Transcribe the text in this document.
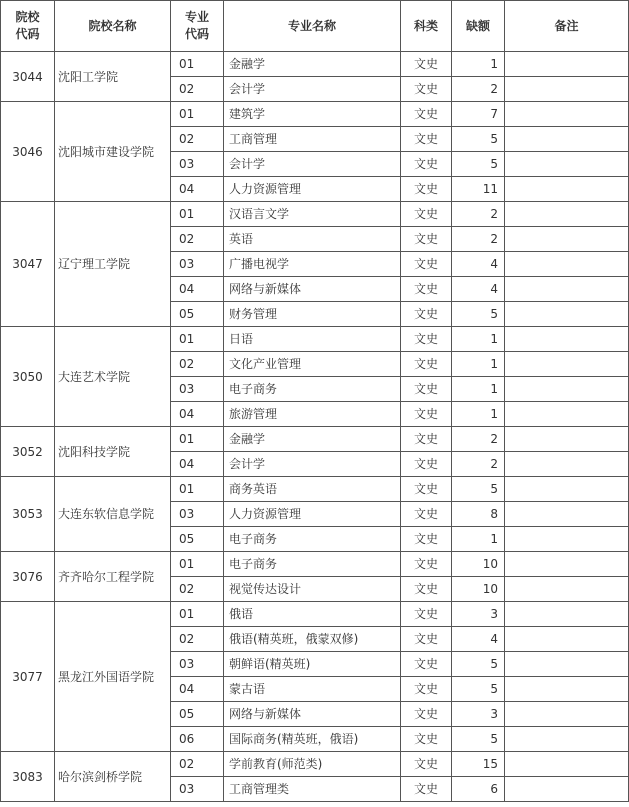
院校
代码	院校名称	专业
代码	专业名称	科类	缺额	备注
3044	沈阳工学院	01	金融学	文史	1	
		02	会计学	文史	2	
3046	沈阳城市建设学院	01	建筑学	文史	7	
		02	工商管理	文史	5	
		03	会计学	文史	5	
		04	人力资源管理	文史	11	
3047	辽宁理工学院	01	汉语言文学	文史	2	
		02	英语	文史	2	
		03	广播电视学	文史	4	
		04	网络与新媒体	文史	4	
		05	财务管理	文史	5	
3050	大连艺术学院	01	日语	文史	1	
		02	文化产业管理	文史	1	
		03	电子商务	文史	1	
		04	旅游管理	文史	1	
3052	沈阳科技学院	01	金融学	文史	2	
		04	会计学	文史	2	
3053	大连东软信息学院	01	商务英语	文史	5	
		03	人力资源管理	文史	8	
		05	电子商务	文史	1	
3076	齐齐哈尔工程学院	01	电子商务	文史	10	
		02	视觉传达设计	文史	10	
3077	黑龙江外国语学院	01	俄语	文史	3	
		02	俄语(精英班，俄蒙双修)	文史	4	
		03	朝鲜语(精英班)	文史	5	
		04	蒙古语	文史	5	
		05	网络与新媒体	文史	3	
		06	国际商务(精英班，俄语)	文史	5	
3083	哈尔滨剑桥学院	02	学前教育(师范类)	文史	15	
		03	工商管理类	文史	6	
